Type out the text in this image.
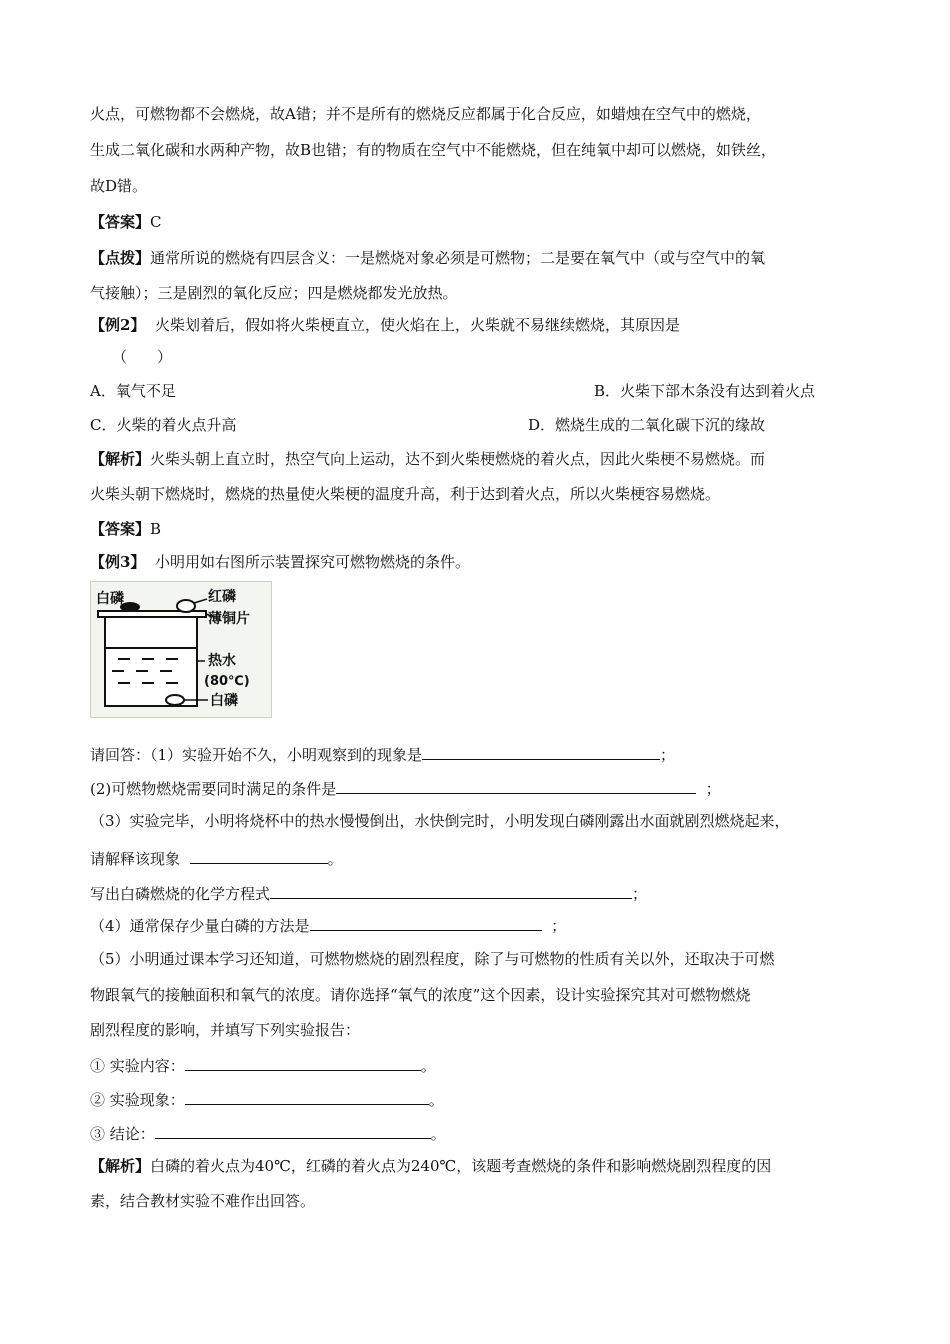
火点，可燃物都不会燃烧，故A错；并不是所有的燃烧反应都属于化合反应，如蜡烛在空气中的燃烧，
生成二氧化碳和水两种产物，故B也错；有的物质在空气中不能燃烧，但在纯氧中却可以燃烧，如铁丝，
故D错。
【答案】C
【点拨】通常所说的燃烧有四层含义：一是燃烧对象必须是可燃物；二是要在氧气中（或与空气中的氧
气接触）；三是剧烈的氧化反应；四是燃烧都发光放热。
【例2】 火柴划着后，假如将火柴梗直立，使火焰在上，火柴就不易继续燃烧，其原因是
（　　）
A．氧气不足	B．火柴下部木条没有达到着火点
C．火柴的着火点升高	D．燃烧生成的二氧化碳下沉的缘故
【解析】火柴头朝上直立时，热空气向上运动，达不到火柴梗燃烧的着火点，因此火柴梗不易燃烧。而
火柴头朝下燃烧时，燃烧的热量使火柴梗的温度升高，利于达到着火点，所以火柴梗容易燃烧。
【答案】B
【例3】 小明用如右图所示装置探究可燃物燃烧的条件。
白磷	红磷
薄铜片
热水
(80℃)
白磷
请回答：（1）实验开始不久，小明观察到的现象是	；
(2)可燃物燃烧需要同时满足的条件是	；
（3）实验完毕，小明将烧杯中的热水慢慢倒出，水快倒完时，小明发现白磷刚露出水面就剧烈燃烧起来，
请解释该现象	。
写出白磷燃烧的化学方程式	；
（4）通常保存少量白磷的方法是	；
（5）小明通过课本学习还知道，可燃物燃烧的剧烈程度，除了与可燃物的性质有关以外，还取决于可燃
物跟氧气的接触面积和氧气的浓度。请你选择“氧气的浓度”这个因素，设计实验探究其对可燃物燃烧
剧烈程度的影响，并填写下列实验报告：
① 实验内容：	。
② 实验现象：	。
③ 结论：	。
【解析】白磷的着火点为40℃，红磷的着火点为240℃，该题考查燃烧的条件和影响燃烧剧烈程度的因
素，结合教材实验不难作出回答。
